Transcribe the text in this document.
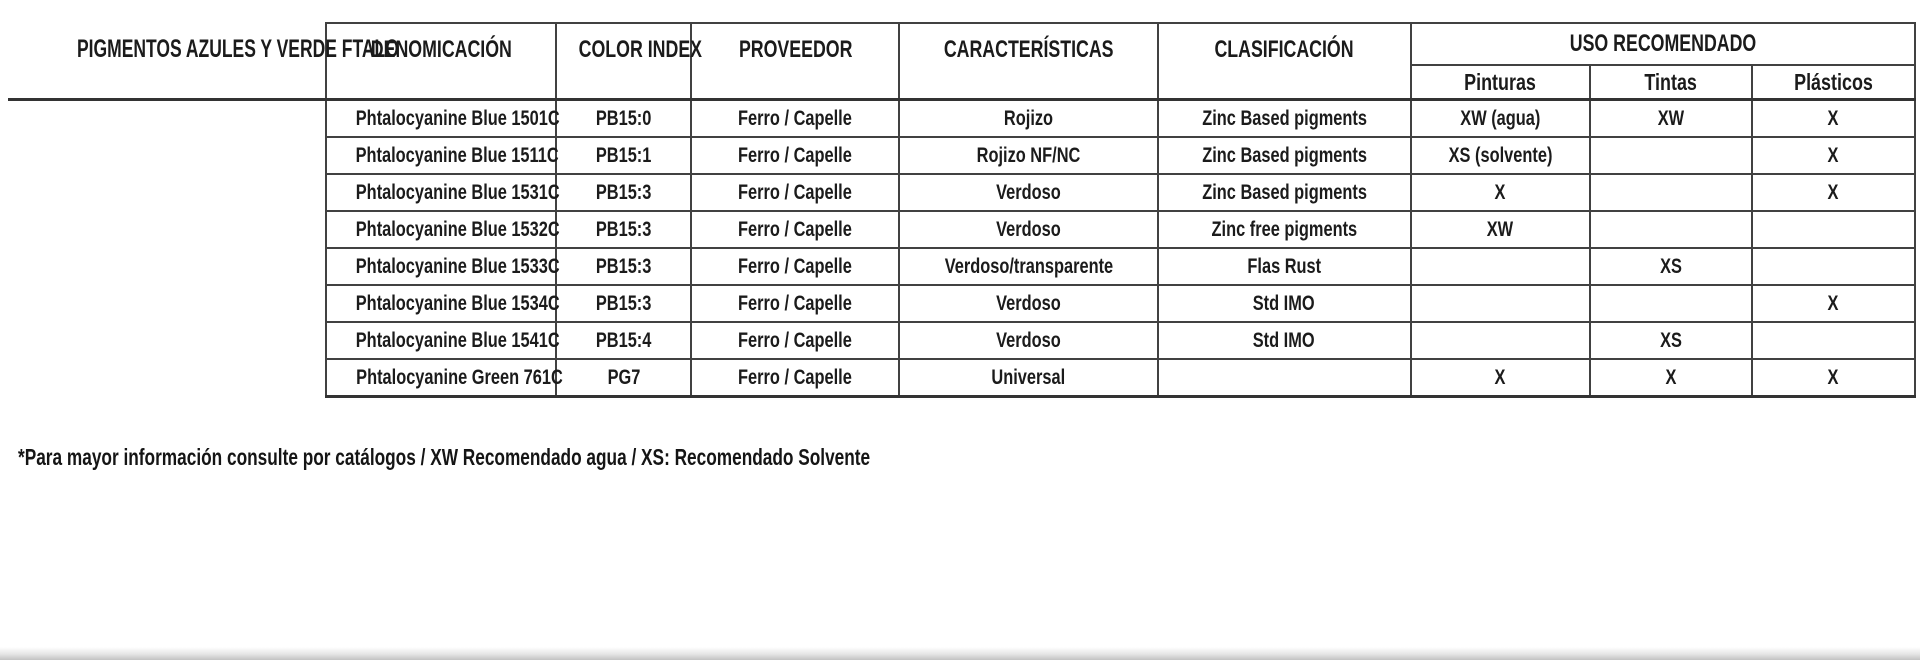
PIGMENTOS AZULES Y VERDE FTALO	DENOMICACIÓN	COLOR INDEX	PROVEEDOR	CARACTERÍSTICAS	CLASIFICACIÓN	USO RECOMENDADO		
						Pinturas	Tintas	Plásticos
	Phtalocyanine Blue 1501C	PB15:0	Ferro / Capelle	Rojizo	Zinc Based pigments	XW (agua)	XW	X
	Phtalocyanine Blue 1511C	PB15:1	Ferro / Capelle	Rojizo NF/NC	Zinc Based pigments	XS (solvente)		X
	Phtalocyanine Blue 1531C	PB15:3	Ferro / Capelle	Verdoso	Zinc Based pigments	X		X
	Phtalocyanine Blue 1532C	PB15:3	Ferro / Capelle	Verdoso	Zinc free pigments	XW		
	Phtalocyanine Blue 1533C	PB15:3	Ferro / Capelle	Verdoso/transparente	Flas Rust		XS	
	Phtalocyanine Blue 1534C	PB15:3	Ferro / Capelle	Verdoso	Std IMO			X
	Phtalocyanine Blue 1541C	PB15:4	Ferro / Capelle	Verdoso	Std IMO		XS	
	Phtalocyanine Green 761C	PG7	Ferro / Capelle	Universal		X	X	X
*Para mayor información consulte por catálogos / XW Recomendado agua / XS: Recomendado Solvente
